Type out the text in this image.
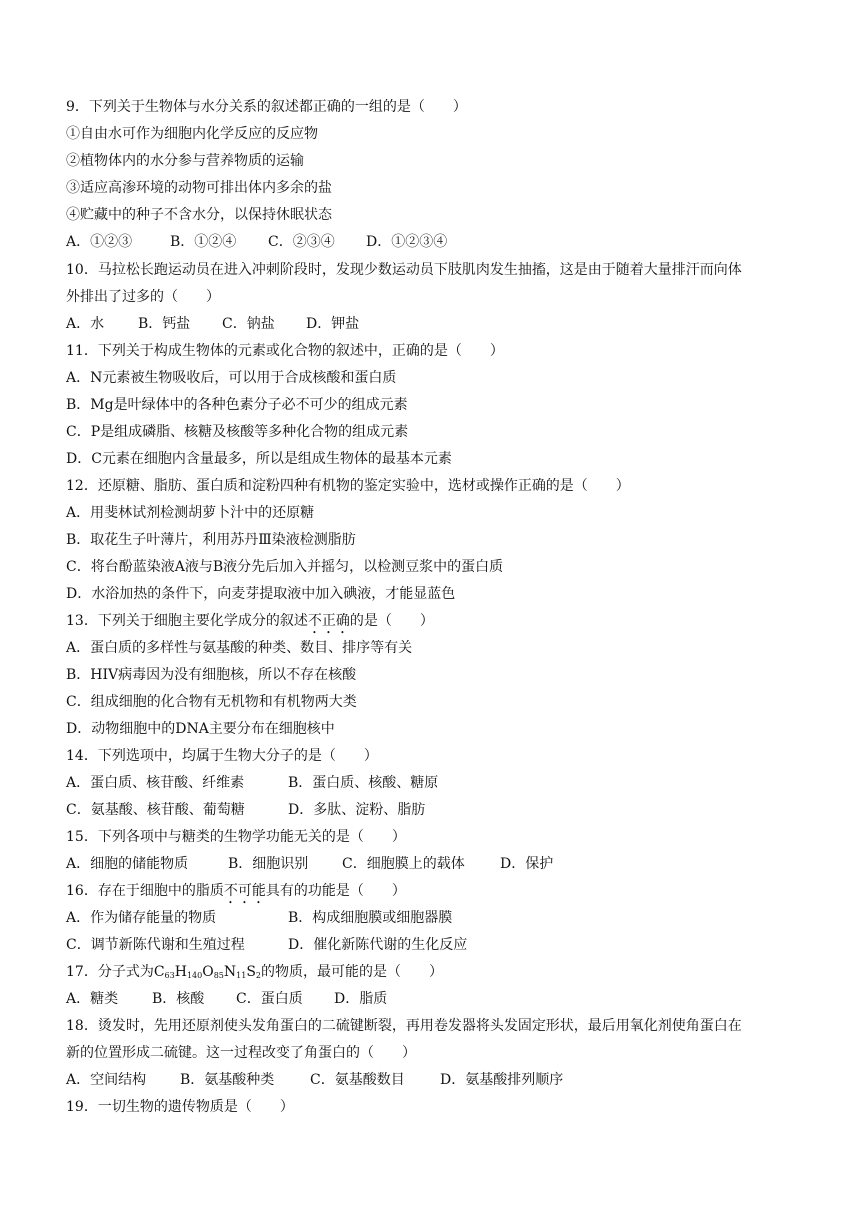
9．下列关于生物体与水分关系的叙述都正确的一组的是（　　）
①自由水可作为细胞内化学反应的反应物
②植物体内的水分参与营养物质的运输
③适应高渗环境的动物可排出体内多余的盐
④贮藏中的种子不含水分，以保持休眠状态
A．①②③	B．①②④ C．②③④ D．①②③④
10．马拉松长跑运动员在进入冲刺阶段时，发现少数运动员下肢肌肉发生抽搐，这是由于随着大量排汗而向体
外排出了过多的（　　）
A．水 B．钙盐 C．钠盐 D．钾盐
11．下列关于构成生物体的元素或化合物的叙述中，正确的是（　　）
A．N元素被生物吸收后，可以用于合成核酸和蛋白质
B．Mg是叶绿体中的各种色素分子必不可少的组成元素
C．P是组成磷脂、核糖及核酸等多种化合物的组成元素
D．C元素在细胞内含量最多，所以是组成生物体的最基本元素
12．还原糖、脂肪、蛋白质和淀粉四种有机物的鉴定实验中，选材或操作正确的是（　　）
A．用斐林试剂检测胡萝卜汁中的还原糖
B．取花生子叶薄片，利用苏丹Ⅲ染液检测脂肪
C．将台酚蓝染液A液与B液分先后加入并摇匀，以检测豆浆中的蛋白质
D．水浴加热的条件下，向麦芽提取液中加入碘液，才能显蓝色
13．下列关于细胞主要化学成分的叙述不正确的是（　　）
A．蛋白质的多样性与氨基酸的种类、数目、排序等有关
B．HIV病毒因为没有细胞核，所以不存在核酸
C．组成细胞的化合物有无机物和有机物两大类
D．动物细胞中的DNA主要分布在细胞核中
14．下列选项中，均属于生物大分子的是（　　）
A．蛋白质、核苷酸、纤维素	B．蛋白质、核酸、糖原
C．氨基酸、核苷酸、葡萄糖	D．多肽、淀粉、脂肪
15．下列各项中与糖类的生物学功能无关的是（　　）
A．细胞的储能物质	B．细胞识别 C．细胞膜上的载体	D．保护
16．存在于细胞中的脂质不可能具有的功能是（　　）
A．作为储存能量的物质	B．构成细胞膜或细胞器膜
C．调节新陈代谢和生殖过程	D．催化新陈代谢的生化反应
17．分子式为$C_{63}H_{140}O_{85}N_{11}S_2$的物质，最可能的是（　　）
A．糖类 B．核酸 C．蛋白质 D．脂质
18．烫发时，先用还原剂使头发角蛋白的二硫键断裂，再用卷发器将头发固定形状，最后用氧化剂使角蛋白在
新的位置形成二硫键。这一过程改变了角蛋白的（　　）
A．空间结构 B．氨基酸种类	C．氨基酸数目	D．氨基酸排列顺序
19．一切生物的遗传物质是（　　）
